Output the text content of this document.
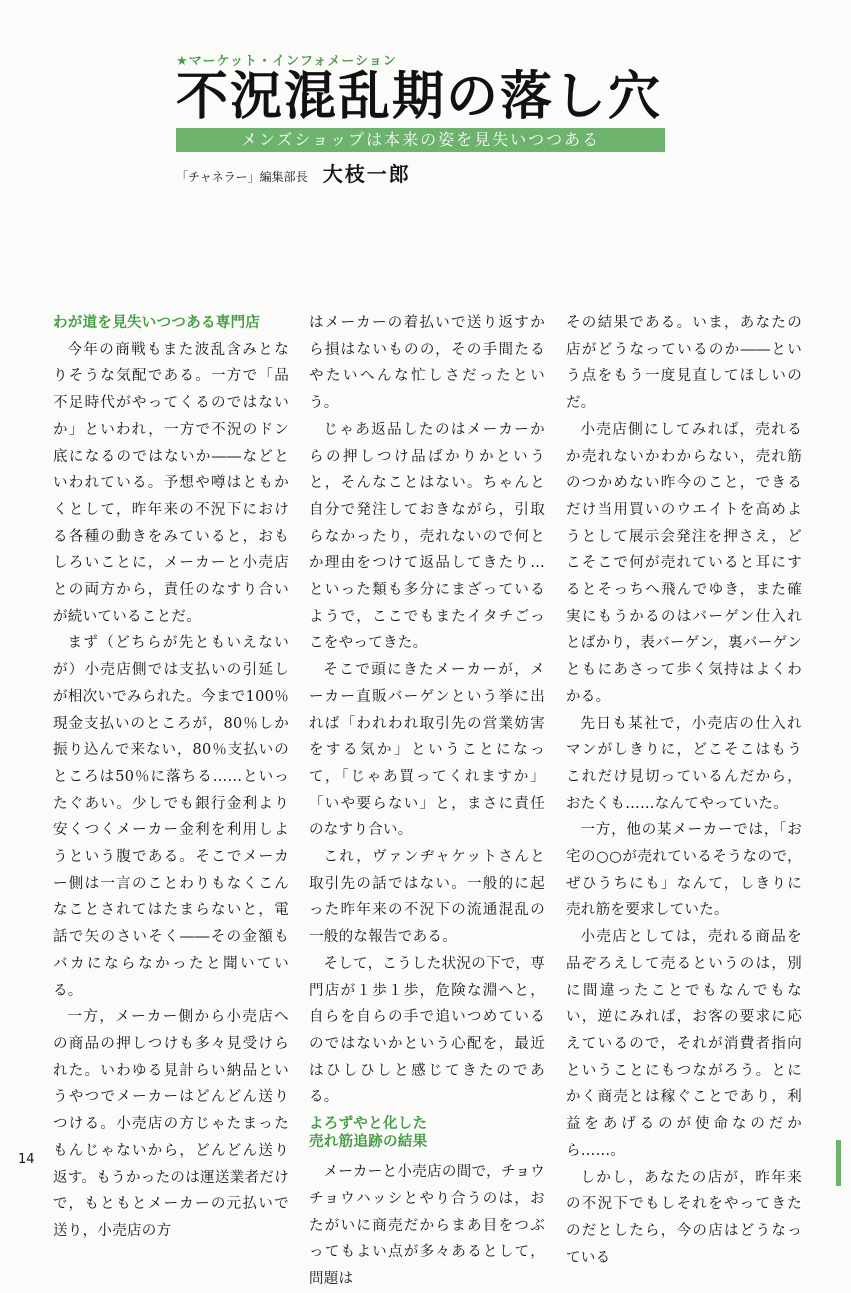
★マーケット・インフォメーション
不況混乱期の落し穴
メンズショップは本来の姿を見失いつつある
「チャネラー」編集部長 大枝一郎
わが道を見失いつつある専門店

今年の商戦もまた波乱含みとなりそうな気配である。一方で「品不足時代がやってくるのではないか」といわれ，一方で不況のドン底になるのではないか――などといわれている。予想や噂はともかくとして，昨年来の不況下における各種の動きをみていると，おもしろいことに，メーカーと小売店との両方から，責任のなすり合いが続いていることだ。

まず（どちらが先ともいえないが）小売店側では支払いの引延しが相次いでみられた。今まで100％現金支払いのところが，80％しか振り込んで来ない，80％支払いのところは50％に落ちる……といったぐあい。少しでも銀行金利より安くつくメーカー金利を利用しようという腹である。そこでメーカー側は一言のことわりもなくこんなことされてはたまらないと，電話で矢のさいそく――その金額もバカにならなかったと聞いている。

一方，メーカー側から小売店への商品の押しつけも多々見受けられた。いわゆる見計らい納品というやつでメーカーはどんどん送りつける。小売店の方じゃたまったもんじゃないから，どんどん送り返す。もうかったのは運送業者だけで，もともとメーカーの元払いで送り，小売店の方

はメーカーの着払いで送り返すから損はないものの，その手間たるやたいへんな忙しさだったという。

じゃあ返品したのはメーカーからの押しつけ品ばかりかというと，そんなことはない。ちゃんと自分で発注しておきながら，引取らなかったり，売れないので何とか理由をつけて返品してきたり…といった類も多分にまざっているようで，ここでもまたイタチごっこをやってきた。

そこで頭にきたメーカーが，メーカー直販バーゲンという挙に出れば「われわれ取引先の営業妨害をする気か」ということになって，「じゃあ買ってくれますか」「いや要らない」と，まさに責任のなすり合い。

これ，ヴァンヂャケットさんと取引先の話ではない。一般的に起った昨年来の不況下の流通混乱の一般的な報告である。

そして，こうした状況の下で，専門店が１歩１歩，危険な淵へと，自らを自らの手で追いつめているのではないかという心配を，最近はひしひしと感じてきたのである。

よろずやと化した
売れ筋追跡の結果

メーカーと小売店の間で，チョウチョウハッシとやり合うのは，おたがいに商売だからまあ目をつぶってもよい点が多々あるとして，問題は

その結果である。いま，あなたの店がどうなっているのか――という点をもう一度見直してほしいのだ。

小売店側にしてみれば，売れるか売れないかわからない，売れ筋のつかめない昨今のこと，できるだけ当用買いのウエイトを高めようとして展示会発注を押さえ，どこそこで何が売れていると耳にするとそっちへ飛んでゆき，また確実にもうかるのはバーゲン仕入れとばかり，表バーゲン，裏バーゲンともにあさって歩く気持はよくわかる。

先日も某社で，小売店の仕入れマンがしきりに，どこそこはもうこれだけ見切っているんだから，おたくも……なんてやっていた。

一方，他の某メーカーでは，「お宅の○○が売れているそうなので，ぜひうちにも」なんて，しきりに売れ筋を要求していた。

小売店としては，売れる商品を品ぞろえして売るというのは，別に間違ったことでもなんでもない，逆にみれば，お客の要求に応えているので，それが消費者指向ということにもつながろう。とにかく商売とは稼ぐことであり，利益をあげるのが使命なのだから……。

しかし，あなたの店が，昨年来の不況下でもしそれをやってきたのだとしたら，今の店はどうなっている

14
